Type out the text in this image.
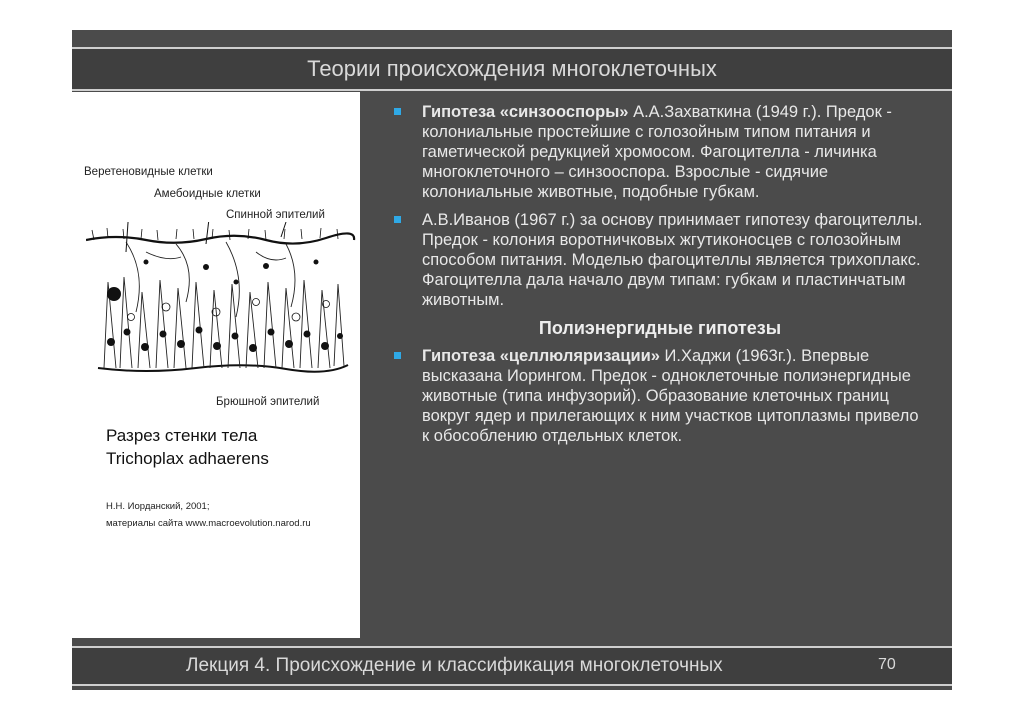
Теории происхождения многоклеточных
Веретеновидные клетки
Амебоидные клетки
Спинной эпителий
Брюшной эпителий
Разрез стенки тела
Trichoplax adhaerens
Н.Н. Иорданский, 2001;
материалы сайта www.macroevolution.narod.ru
Гипотеза «синзооспоры» А.А.Захваткина (1949 г.). Предок - колониальные простейшие с голозойным типом питания и гаметической редукцией хромосом. Фагоцителла - личинка многоклеточного – синзооспора. Взрослые - сидячие колониальные животные, подобные губкам.
А.В.Иванов (1967 г.) за основу принимает гипотезу фагоцителлы. Предок - колония воротничковых жгутиконосцев с голозойным способом питания. Моделью фагоцителлы является трихоплакс. Фагоцителла дала начало двум типам: губкам и пластинчатым животным.
Полиэнергидные гипотезы
Гипотеза «целлюляризации» И.Хаджи (1963г.). Впервые высказана Иорингом. Предок - одноклеточные полиэнергидные животные (типа инфузорий). Образование клеточных границ вокруг ядер и прилегающих к ним участков цитоплазмы привело к обособлению отдельных клеток.
Лекция 4. Происхождение и классификация многоклеточных	70
